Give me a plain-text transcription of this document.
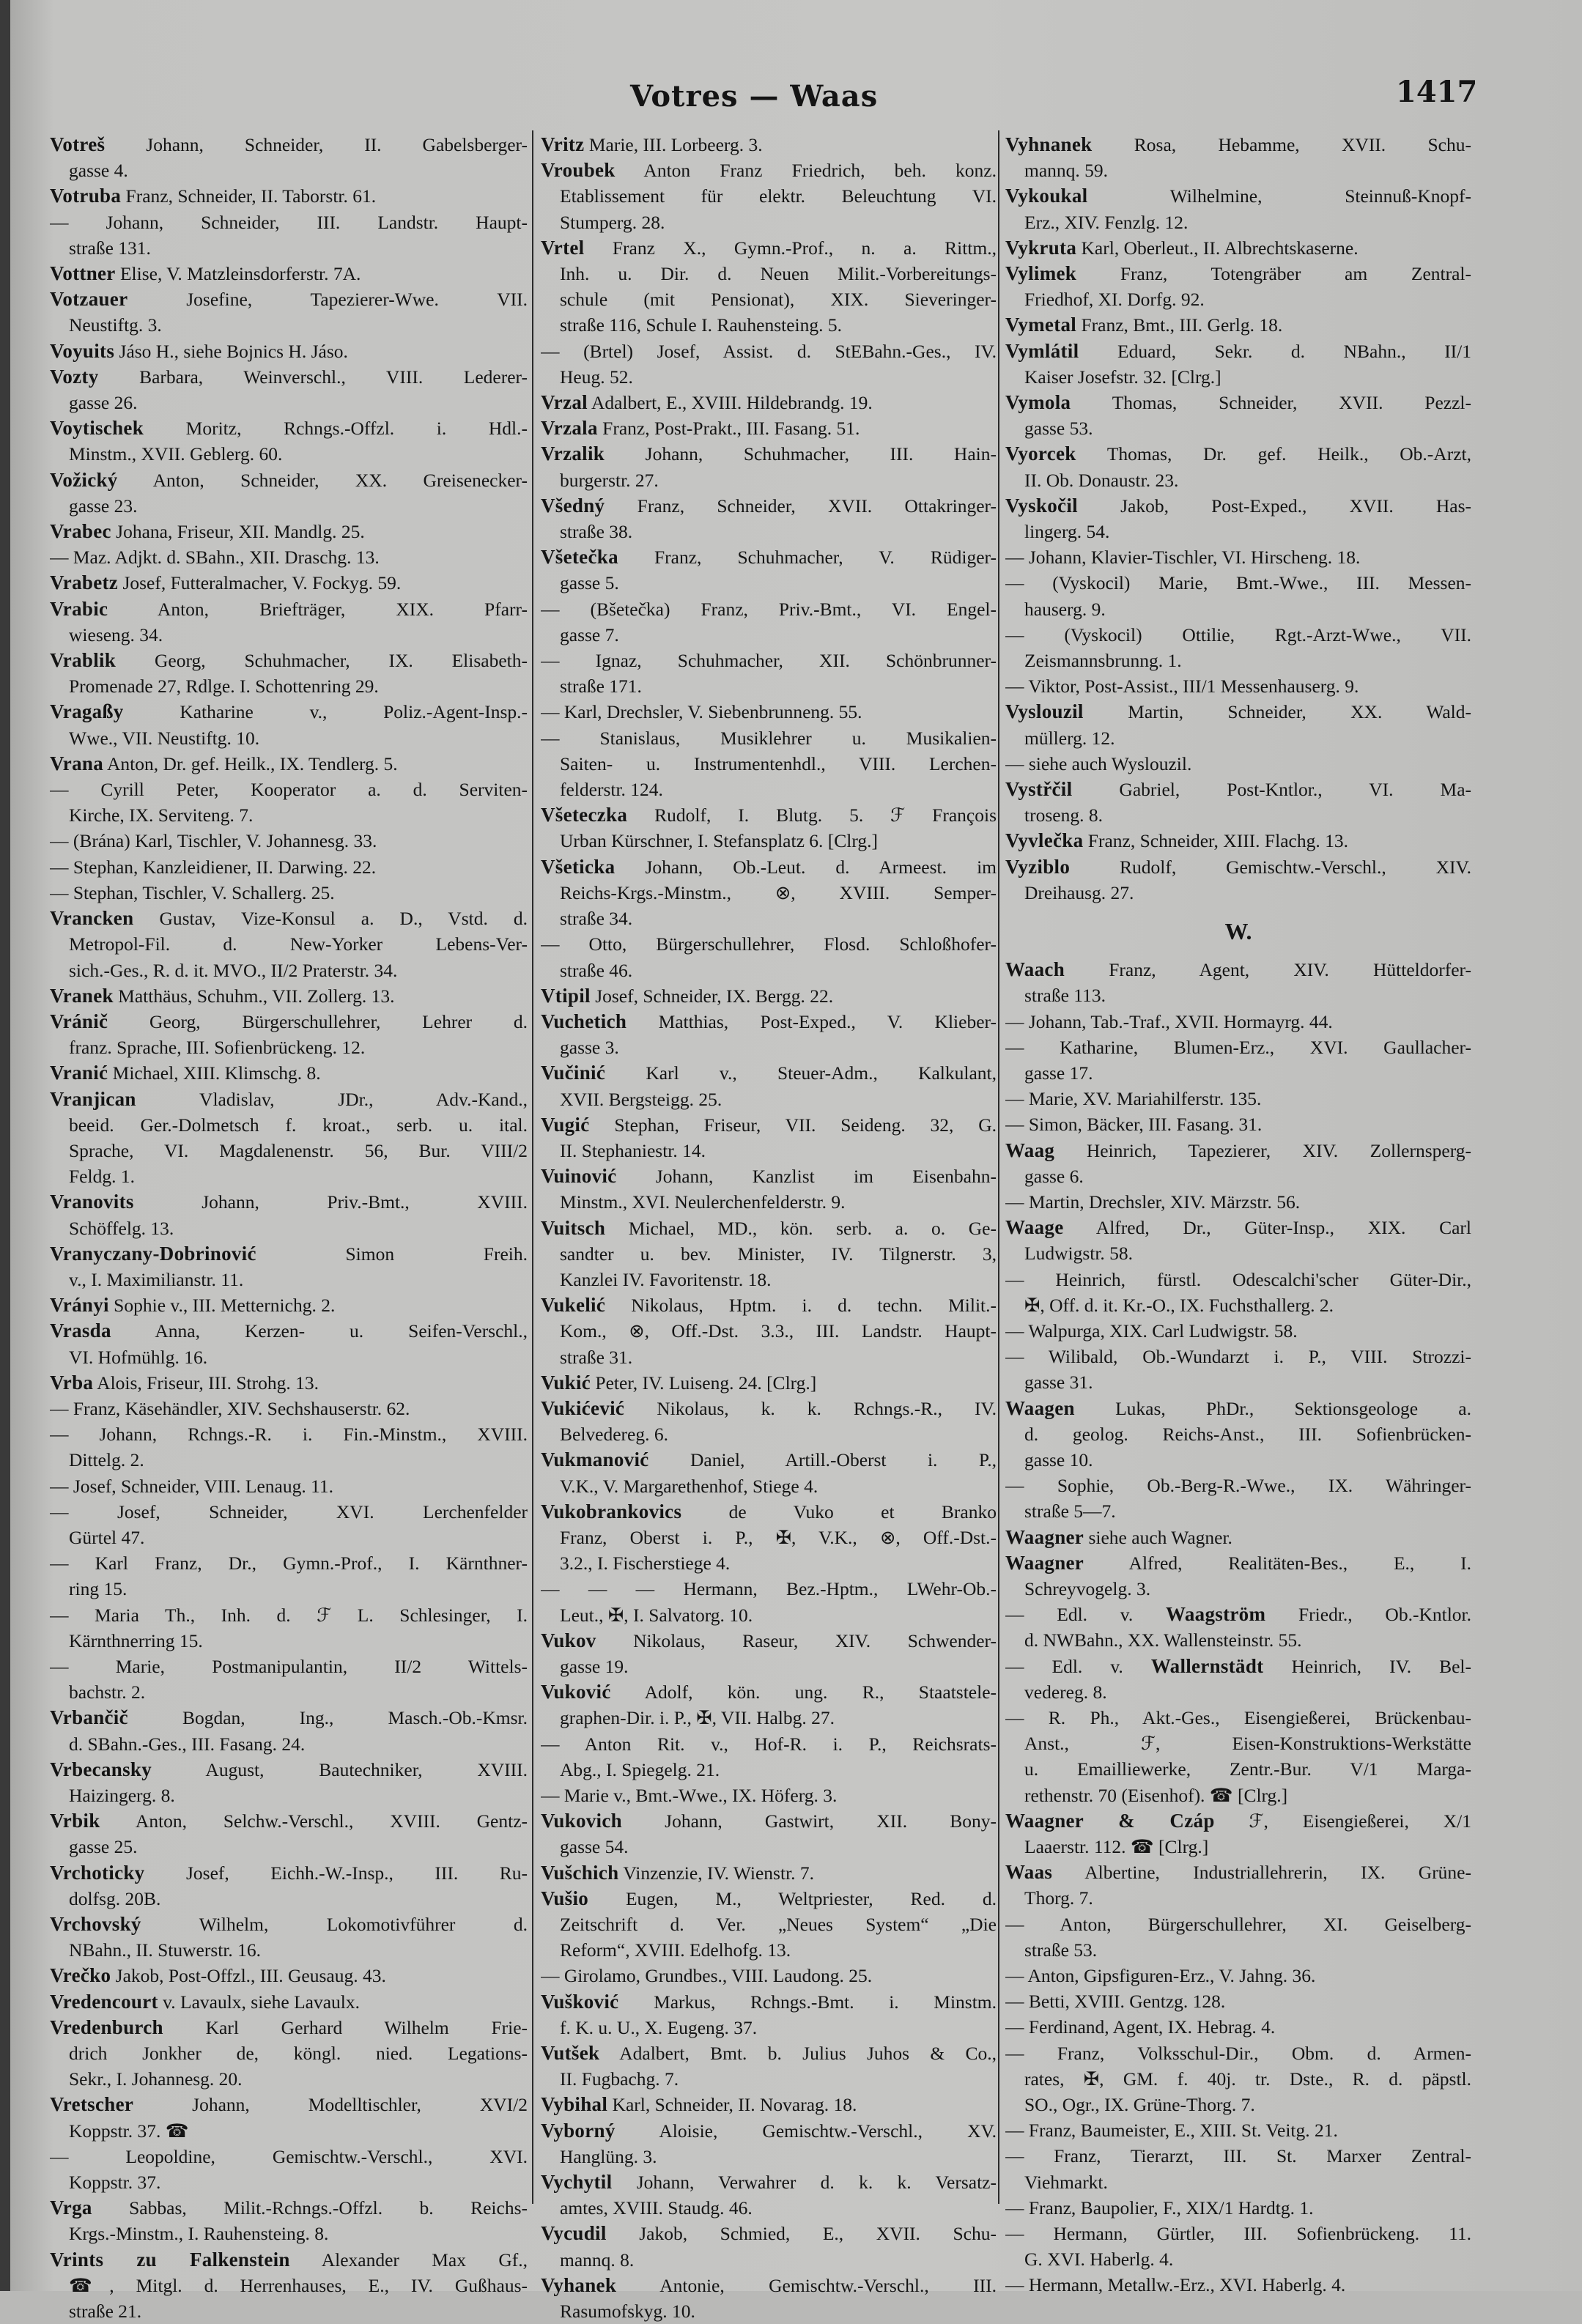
Votres — Waas	1417
Votreš Johann, Schneider, II. Gabelsberger-
gasse 4.
Votruba Franz, Schneider, II. Taborstr. 61.
— Johann, Schneider, III. Landstr. Haupt-
straße 131.
Vottner Elise, V. Matzleinsdorferstr. 7A.
Votzauer	Josefine, Tapezierer-Wwe. VII.
Neustiftg. 3.
Voyuits Jáso H., siehe Bojnics H. Jáso.
Vozty Barbara, Weinverschl., VIII. Lederer-
gasse 26.
Voytischek Moritz, Rchngs.-Offzl. i. Hdl.-
Minstm., XVII. Geblerg. 60.
Vožický Anton, Schneider, XX. Greisenecker-
gasse 23.
Vrabec Johana, Friseur, XII. Mandlg. 25.
— Maz. Adjkt. d. SBahn., XII. Draschg. 13.
Vrabetz Josef, Futteralmacher, V. Fockyg. 59.
Vrabic	Anton, Briefträger, XIX. Pfarr-
wieseng. 34.
Vrablik Georg, Schuhmacher, IX. Elisabeth-
Promenade 27, Rdlge. I. Schottenring 29.
Vragaßy	Katharine v., Poliz.-Agent-Insp.-
Wwe., VII. Neustiftg. 10.
Vrana Anton, Dr. gef. Heilk., IX. Tendlerg. 5.
— Cyrill Peter, Kooperator a. d. Serviten-
Kirche, IX. Serviteng. 7.
— (Brána) Karl, Tischler, V. Johannesg. 33.
— Stephan, Kanzleidiener, II. Darwing. 22.
— Stephan, Tischler, V. Schallerg. 25.
Vrancken Gustav, Vize-Konsul a. D., Vstd. d.
Metropol-Fil. d. New-Yorker Lebens-Ver-
sich.-Ges., R. d. it. MVO., II/2 Praterstr. 34.
Vranek Matthäus, Schuhm., VII. Zollerg. 13.
Vránič Georg, Bürgerschullehrer, Lehrer d.
franz. Sprache, III. Sofienbrückeng. 12.
Vranić Michael, XIII. Klimschg. 8.
Vranjican	Vladislav, JDr., Adv.-Kand.,
beeid. Ger.-Dolmetsch f. kroat., serb. u. ital.
Sprache, VI. Magdalenenstr. 56, Bur. VIII/2
Feldg. 1.
Vranovits	Johann, Priv.-Bmt., XVIII.
Schöffelg. 13.
Vranyczany-Dobrinović	Simon Freih.
v., I. Maximilianstr. 11.
Vrányi Sophie v., III. Metternichg. 2.
Vrasda Anna, Kerzen- u. Seifen-Verschl.,
VI. Hofmühlg. 16.
Vrba Alois, Friseur, III. Strohg. 13.
— Franz, Käsehändler, XIV. Sechshauserstr. 62.
— Johann, Rchngs.-R. i. Fin.-Minstm., XVIII.
Dittelg. 2.
— Josef, Schneider, VIII. Lenaug. 11.
— Josef, Schneider, XVI. Lerchenfelder
Gürtel 47.
— Karl Franz, Dr., Gymn.-Prof., I. Kärnthner-
ring 15.
— Maria Th., Inh. d. ℱ L. Schlesinger, I.
Kärnthnerring 15.
— Marie, Postmanipulantin, II/2 Wittels-
bachstr. 2.
Vrbančič	Bogdan, Ing., Masch.-Ob.-Kmsr.
d. SBahn.-Ges., III. Fasang. 24.
Vrbecansky	August, Bautechniker, XVIII.
Haizingerg. 8.
Vrbik Anton, Selchw.-Verschl., XVIII. Gentz-
gasse 25.
Vrchoticky Josef, Eichh.-W.-Insp., III. Ru-
dolfsg. 20B.
Vrchovský	Wilhelm, Lokomotivführer d.
NBahn., II. Stuwerstr. 16.
Vrečko Jakob, Post-Offzl., III. Geusaug. 43.
Vredencourt v. Lavaulx, siehe Lavaulx.
Vredenburch Karl Gerhard Wilhelm Frie-
drich Jonkher de, köngl. nied. Legations-
Sekr., I. Johannesg. 20.
Vretscher	Johann, Modelltischler, XVI/2
Koppstr. 37. ☎
— Leopoldine, Gemischtw.-Verschl., XVI.
Koppstr. 37.
Vrga Sabbas, Milit.-Rchngs.-Offzl. b. Reichs-
Krgs.-Minstm., I. Rauhensteing. 8.
Vrints zu Falkenstein Alexander Max Gf.,
☎, Mitgl. d. Herrenhauses, E., IV. Gußhaus-
straße 21.
Vritz Marie, III. Lorbeerg. 3.
Vroubek Anton Franz Friedrich, beh. konz.
Etablissement für elektr. Beleuchtung VI.
Stumperg. 28.
Vrtel Franz X., Gymn.-Prof., n. a. Rittm.,
Inh. u. Dir. d. Neuen Milit.-Vorbereitungs-
schule (mit Pensionat), XIX. Sieveringer-
straße 116, Schule I. Rauhensteing. 5.
— (Brtel) Josef, Assist. d. StEBahn.-Ges., IV.
Heug. 52.
Vrzal Adalbert, E., XVIII. Hildebrandg. 19.
Vrzala Franz, Post-Prakt., III. Fasang. 51.
Vrzalik Johann, Schuhmacher, III. Hain-
burgerstr. 27.
Všedný Franz, Schneider, XVII. Ottakringer-
straße 38.
Všetečka Franz, Schuhmacher, V. Rüdiger-
gasse 5.
— (Bšetečka) Franz, Priv.-Bmt., VI. Engel-
gasse 7.
— Ignaz, Schuhmacher, XII. Schönbrunner-
straße 171.
— Karl, Drechsler, V. Siebenbrunneng. 55.
— Stanislaus, Musiklehrer u. Musikalien-
Saiten- u. Instrumentenhdl., VIII. Lerchen-
felderstr. 124.
Všeteczka Rudolf, I. Blutg. 5. ℱ François
Urban Kürschner, I. Stefansplatz 6. [Clrg.]
Všeticka Johann, Ob.-Leut. d. Armeest. im
Reichs-Krgs.-Minstm., ⊗, XVIII. Semper-
straße 34.
— Otto, Bürgerschullehrer, Flosd. Schloßhofer-
straße 46.
Vtipil Josef, Schneider, IX. Bergg. 22.
Vuchetich Matthias, Post-Exped., V. Klieber-
gasse 3.
Vučinić Karl v., Steuer-Adm., Kalkulant,
XVII. Bergsteigg. 25.
Vugić Stephan, Friseur, VII. Seideng. 32, G.
II. Stephaniestr. 14.
Vuinović Johann, Kanzlist im Eisenbahn-
Minstm., XVI. Neulerchenfelderstr. 9.
Vuitsch Michael, MD., kön. serb. a. o. Ge-
sandter u. bev. Minister, IV. Tilgnerstr. 3,
Kanzlei IV. Favoritenstr. 18.
Vukelić Nikolaus, Hptm. i. d. techn. Milit.-
Kom., ⊗, Off.-Dst. 3.3., III. Landstr. Haupt-
straße 31.
Vukić Peter, IV. Luiseng. 24. [Clrg.]
Vukićević Nikolaus, k. k. Rchngs.-R., IV.
Belvedereg. 6.
Vukmanović Daniel, Artill.-Oberst i. P.,
V.K., V. Margarethenhof, Stiege 4.
Vukobrankovics	de Vuko et Branko
Franz, Oberst i. P., ✠, V.K., ⊗, Off.-Dst.-
3.2., I. Fischerstiege 4.
— — — Hermann, Bez.-Hptm., LWehr-Ob.-
Leut., ✠, I. Salvatorg. 10.
Vukov Nikolaus, Raseur, XIV. Schwender-
gasse 19.
Vuković Adolf, kön. ung. R., Staatstele-
graphen-Dir. i. P., ✠, VII. Halbg. 27.
— Anton Rit. v., Hof-R. i. P., Reichsrats-
Abg., I. Spiegelg. 21.
— Marie v., Bmt.-Wwe., IX. Höferg. 3.
Vukovich Johann, Gastwirt, XII. Bony-
gasse 54.
Vušchich Vinzenzie, IV. Wienstr. 7.
Vušio Eugen, M., Weltpriester, Red. d.
Zeitschrift d. Ver. „Neues System“ „Die
Reform“, XVIII. Edelhofg. 13.
— Girolamo, Grundbes., VIII. Laudong. 25.
Vušković Markus, Rchngs.-Bmt. i. Minstm.
f. K. u. U., X. Eugeng. 37.
Vutšek Adalbert, Bmt. b. Julius Juhos & Co.,
II. Fugbachg. 7.
Vybihal Karl, Schneider, II. Novarag. 18.
Vyborný Aloisie, Gemischtw.-Verschl., XV.
Hanglüng. 3.
Vychytil Johann, Verwahrer d. k. k. Versatz-
amtes, XVIII. Staudg. 46.
Vycudil Jakob, Schmied, E., XVII. Schu-
mannq. 8.
Vyhanek Antonie, Gemischtw.-Verschl., III.
Rasumofskyg. 10.
Vyhnanek Rosa, Hebamme, XVII. Schu-
mannq. 59.
Vykoukal	Wilhelmine, Steinnuß-Knopf-
Erz., XIV. Fenzlg. 12.
Vykruta Karl, Oberleut., II. Albrechtskaserne.
Vylimek Franz, Totengräber am Zentral-
Friedhof, XI. Dorfg. 92.
Vymetal Franz, Bmt., III. Gerlg. 18.
Vymlátil Eduard, Sekr. d. NBahn., II/1
Kaiser Josefstr. 32. [Clrg.]
Vymola Thomas, Schneider, XVII. Pezzl-
gasse 53.
Vyorcek Thomas, Dr. gef. Heilk., Ob.-Arzt,
II. Ob. Donaustr. 23.
Vyskočil Jakob, Post-Exped., XVII. Has-
lingerg. 54.
— Johann, Klavier-Tischler, VI. Hirscheng. 18.
— (Vyskocil) Marie, Bmt.-Wwe., III. Messen-
hauserg. 9.
— (Vyskocil) Ottilie, Rgt.-Arzt-Wwe., VII.
Zeismannsbrunng. 1.
— Viktor, Post-Assist., III/1 Messenhauserg. 9.
Vyslouzil Martin, Schneider, XX. Wald-
müllerg. 12.
— siehe auch Wyslouzil.
Vystřčil	Gabriel, Post-Kntlor., VI. Ma-
troseng. 8.
Vyvlečka Franz, Schneider, XIII. Flachg. 13.
Vyziblo	Rudolf, Gemischtw.-Verschl., XIV.
Dreihausg. 27.
W.
Waach Franz, Agent, XIV. Hütteldorfer-
straße 113.
— Johann, Tab.-Traf., XVII. Hormayrg. 44.
— Katharine, Blumen-Erz., XVI. Gaullacher-
gasse 17.
— Marie, XV. Mariahilferstr. 135.
— Simon, Bäcker, III. Fasang. 31.
Waag Heinrich, Tapezierer, XIV. Zollernsperg-
gasse 6.
— Martin, Drechsler, XIV. Märzstr. 56.
Waage Alfred, Dr., Güter-Insp., XIX. Carl
Ludwigstr. 58.
— Heinrich, fürstl. Odescalchi'scher Güter-Dir.,
✠, Off. d. it. Kr.-O., IX. Fuchsthallerg. 2.
— Walpurga, XIX. Carl Ludwigstr. 58.
— Wilibald, Ob.-Wundarzt i. P., VIII. Strozzi-
gasse 31.
Waagen Lukas, PhDr., Sektionsgeologe a.
d. geolog. Reichs-Anst., III. Sofienbrücken-
gasse 10.
— Sophie, Ob.-Berg-R.-Wwe., IX. Währinger-
straße 5—7.
Waagner siehe auch Wagner.
Waagner Alfred, Realitäten-Bes., E., I.
Schreyvogelg. 3.
— Edl. v. Waagström Friedr., Ob.-Kntlor.
d. NWBahn., XX. Wallensteinstr. 55.
— Edl. v. Wallernstädt Heinrich, IV. Bel-
vedereg. 8.
— R. Ph., Akt.-Ges., Eisengießerei, Brückenbau-
Anst., ℱ, Eisen-Konstruktions-Werkstätte
u. Emailliewerke, Zentr.-Bur. V/1 Marga-
rethenstr. 70 (Eisenhof). ☎ [Clrg.]
Waagner & Czáp ℱ, Eisengießerei, X/1
Laaerstr. 112. ☎ [Clrg.]
Waas Albertine, Industriallehrerin, IX. Grüne-
Thorg. 7.
— Anton, Bürgerschullehrer, XI. Geiselberg-
straße 53.
— Anton, Gipsfiguren-Erz., V. Jahng. 36.
— Betti, XVIII. Gentzg. 128.
— Ferdinand, Agent, IX. Hebrag. 4.
— Franz, Volksschul-Dir., Obm. d. Armen-
rates, ✠, GM. f. 40j. tr. Dste., R. d. päpstl.
SO., Ogr., IX. Grüne-Thorg. 7.
— Franz, Baumeister, E., XIII. St. Veitg. 21.
— Franz, Tierarzt, III. St. Marxer Zentral-
Viehmarkt.
— Franz, Baupolier, F., XIX/1 Hardtg. 1.
— Hermann, Gürtler, III. Sofienbrückeng. 11.
G. XVI. Haberlg. 4.
— Hermann, Metallw.-Erz., XVI. Haberlg. 4.
